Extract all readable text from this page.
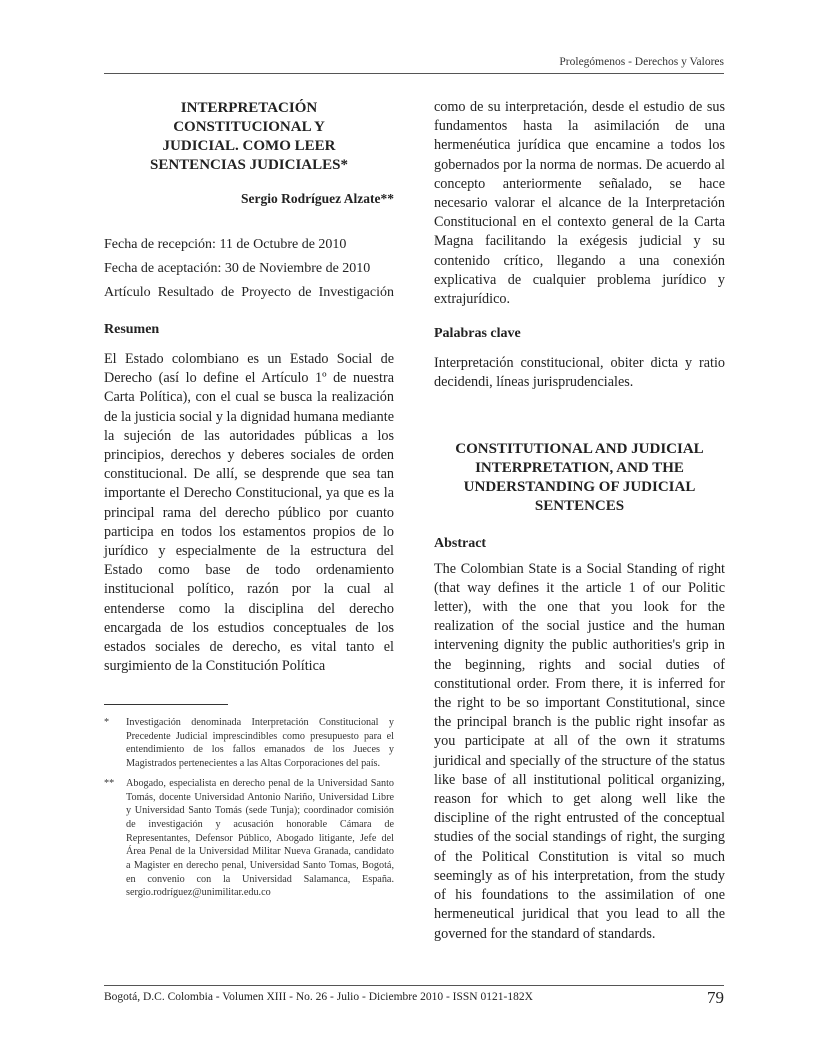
Prolegómenos - Derechos y Valores
INTERPRETACIÓN CONSTITUCIONAL Y JUDICIAL. COMO LEER SENTENCIAS JUDICIALES*
Sergio Rodríguez Alzate**
Fecha de recepción: 11 de Octubre de 2010
Fecha de aceptación: 30 de Noviembre de 2010
Artículo Resultado de Proyecto de Investigación
Resumen

El Estado colombiano es un Estado Social de Derecho (así lo define el Artículo 1º de nuestra Carta Política), con el cual se busca la realización de la justicia social y la dignidad humana mediante la sujeción de las autoridades públicas a los principios, derechos y deberes sociales de orden constitucional. De allí, se desprende que sea tan importante el Derecho Constitucional, ya que es la principal rama del derecho público por cuanto participa en todos los estamentos propios de lo jurídico y especialmente de la estructura del Estado como base de todo ordenamiento institucional político, razón por la cual al entenderse como la disciplina del derecho encargada de los estudios conceptuales de los estados sociales de derecho, es vital tanto el surgimiento de la Constitución Política

*	Investigación denominada Interpretación Constitucional y Precedente Judicial imprescindibles como presupuesto para el entendimiento de los fallos emanados de los Jueces y Magistrados pertenecientes a las Altas Corporaciones del país.
**	Abogado, especialista en derecho penal de la Universidad Santo Tomás, docente Universidad Antonio Nariño, Universidad Libre y Universidad Santo Tomás (sede Tunja); coordinador comisión de investigación y acusación honorable Cámara de Representantes, Defensor Público, Abogado litigante, Jefe del Área Penal de la Universidad Militar Nueva Granada, candidato a Magister en derecho penal, Universidad Santo Tomas, Bogotá, en convenio con la Universidad Salamanca, España. sergio.rodríguez@unimilitar.edu.co

como de su interpretación, desde el estudio de sus fundamentos hasta la asimilación de una hermenéutica jurídica que encamine a todos los gobernados por la norma de normas. De acuerdo al concepto anteriormente señalado, se hace necesario valorar el alcance de la Interpretación Constitucional en el contexto general de la Carta Magna facilitando la exégesis judicial y su contenido crítico, llegando a una conexión explicativa de cualquier problema jurídico y extrajurídico.

Palabras clave

Interpretación constitucional, obiter dicta y ratio decidendi, líneas jurisprudenciales.

CONSTITUTIONAL AND JUDICIAL INTERPRETATION, AND THE UNDERSTANDING OF JUDICIAL SENTENCES
Abstract

The Colombian State is a Social Standing of right (that way defines it the article 1 of our Politic letter), with the one that you look for the realization of the social justice and the human intervening dignity the public authorities's grip in the beginning, rights and social duties of constitutional order. From there, it is inferred for the right to be so important Constitutional, since the principal branch is the public right insofar as you participate at all of the own it stratums juridical and specially of the structure of the status like base of all institutional political organizing, reason for which to get along well like the discipline of the right entrusted of the conceptual studies of the social standings of right, the surging of the Political Constitution is vital so much seemingly as of his interpretation, from the study of his foundations to the assimilation of one hermeneutical juridical that you lead to all the governed for the standard of standards.

Bogotá, D.C. Colombia - Volumen XIII - No. 26 - Julio - Diciembre 2010 - ISSN 0121-182X	79
